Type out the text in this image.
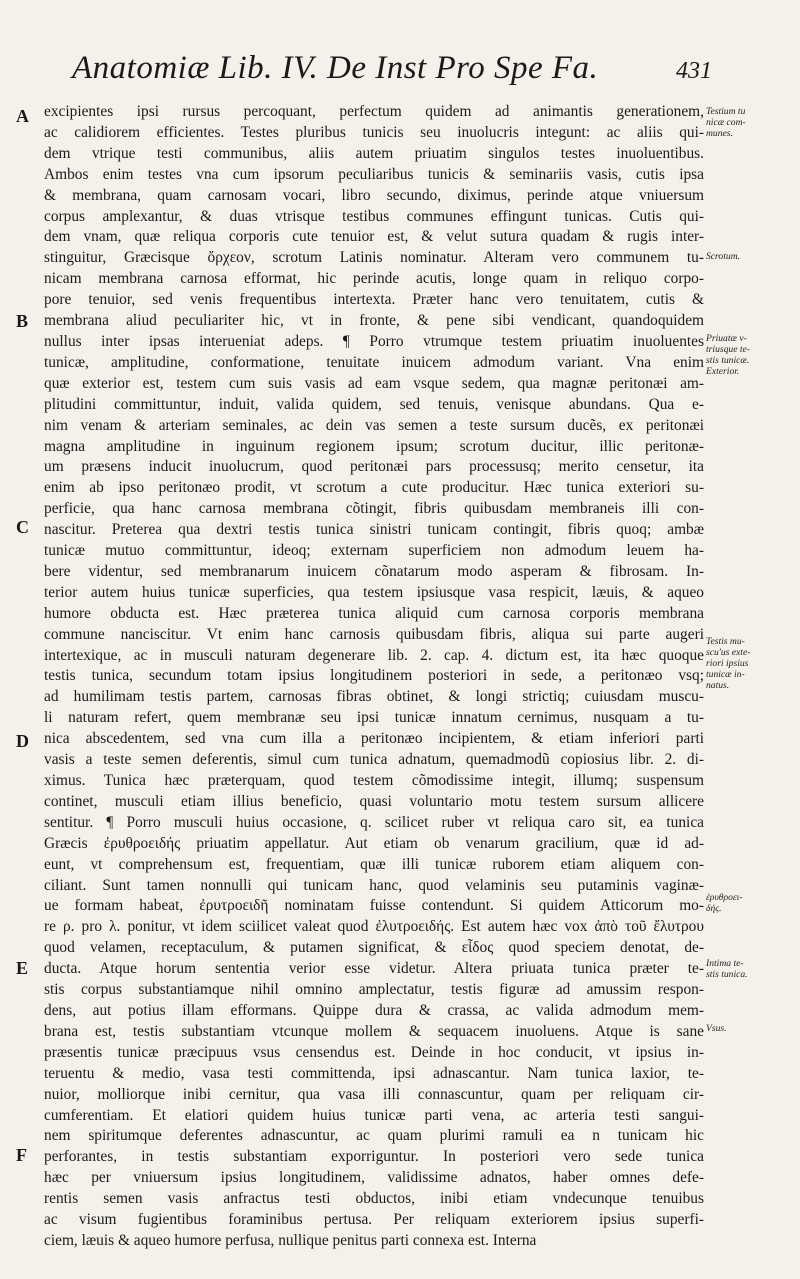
Anatomiæ Lib. IV. De Inst Pro Spe Fa.	431
A
B
C
D
E
F
excipientes ipsi rursus percoquant, perfectum quidem ad animantis generationem,
ac calidiorem efficientes. Testes pluribus tunicis seu inuolucris integunt: ac aliis qui-
dem vtrique testi communibus, aliis autem priuatim singulos testes inuoluentibus.
Ambos enim testes vna cum ipsorum peculiaribus tunicis & seminariis vasis, cutis ipsa
& membrana, quam carnosam vocari, libro secundo, diximus, perinde atque vniuersum
corpus amplexantur, & duas vtrisque testibus communes effingunt tunicas. Cutis qui-
dem vnam, quæ reliqua corporis cute tenuior est, & velut sutura quadam & rugis inter-
stinguitur, Græcisque ὄρχεον, scrotum Latinis nominatur. Alteram vero communem tu-
nicam membrana carnosa efformat, hic perinde acutis, longe quam in reliquo corpo-
pore tenuior, sed venis frequentibus intertexta. Præter hanc vero tenuitatem, cutis &
membrana aliud peculiariter hic, vt in fronte, & pene sibi vendicant, quandoquidem
nullus inter ipsas interueniat adeps. ¶ Porro vtrumque testem priuatim inuoluentes
tunicæ, amplitudine, conformatione, tenuitate inuicem admodum variant. Vna enim
quæ exterior est, testem cum suis vasis ad eam vsque sedem, qua magnæ peritonæi am-
plitudini committuntur, induit, valida quidem, sed tenuis, venisque abundans. Qua e-
nim venam & arteriam seminales, ac dein vas semen a teste sursum ducẽs, ex peritonæi
magna amplitudine in inguinum regionem ipsum; scrotum ducitur, illic peritonæ-
um præsens inducit inuolucrum, quod peritonæi pars processusq; merito censetur, ita
enim ab ipso peritonæo prodit, vt scrotum a cute producitur. Hæc tunica exteriori su-
perficie, qua hanc carnosa membrana cõtingit, fibris quibusdam membraneis illi con-
nascitur. Preterea qua dextri testis tunica sinistri tunicam contingit, fibris quoq; ambæ
tunicæ mutuo committuntur, ideoq; externam superficiem non admodum leuem ha-
bere videntur, sed membranarum inuicem cõnatarum modo asperam & fibrosam. In-
terior autem huius tunicæ superficies, qua testem ipsiusque vasa respicit, læuis, & aqueo
humore obducta est. Hæc præterea tunica aliquid cum carnosa corporis membrana
commune nanciscitur. Vt enim hanc carnosis quibusdam fibris, aliqua sui parte augeri
intertexique, ac in musculi naturam degenerare lib. 2. cap. 4. dictum est, ita hæc quoque
testis tunica, secundum totam ipsius longitudinem posteriori in sede, a peritonæo vsq;
ad humilimam testis partem, carnosas fibras obtinet, & longi strictiq; cuiusdam muscu-
li naturam refert, quem membranæ seu ipsi tunicæ innatum cernimus, nusquam a tu-
nica abscedentem, sed vna cum illa a peritonæo incipientem, & etiam inferiori parti
vasis a teste semen deferentis, simul cum tunica adnatum, quemadmodũ copiosius libr. 2. di-
ximus. Tunica hæc præterquam, quod testem cõmodissime integit, illumq; suspensum
continet, musculi etiam illius beneficio, quasi voluntario motu testem sursum allicere
sentitur. ¶ Porro musculi huius occasione, q. scilicet ruber vt reliqua caro sit, ea tunica
Græcis ἐρυθροειδής priuatim appellatur. Aut etiam ob venarum gracilium, quæ id ad-
eunt, vt comprehensum est, frequentiam, quæ illi tunicæ ruborem etiam aliquem con-
ciliant. Sunt tamen nonnulli qui tunicam hanc, quod velaminis seu putaminis vaginæ-
ue formam habeat, ἐρυτροειδῆ nominatam fuisse contendunt. Si quidem Atticorum mo-
re ρ. pro λ. ponitur, vt idem sciilicet valeat quod ἐλυτροειδής. Est autem hæc vox ἀπὸ τοῦ ἔλυτρου
quod velamen, receptaculum, & putamen significat, & εἶδος quod speciem denotat, de-
ducta. Atque horum sententia verior esse videtur. Altera priuata tunica præter te-
stis corpus substantiamque nihil omnino amplectatur, testis figuræ ad amussim respon-
dens, aut potius illam efformans. Quippe dura & crassa, ac valida admodum mem-
brana est, testis substantiam vtcunque mollem & sequacem inuoluens. Atque is sane
præsentis tunicæ præcipuus vsus censendus est. Deinde in hoc conducit, vt ipsius in-
teruentu & medio, vasa testi committenda, ipsi adnascantur. Nam tunica laxior, te-
nuior, molliorque inibi cernitur, qua vasa illi connascuntur, quam per reliquam cir-
cumferentiam. Et elatiori quidem huius tunicæ parti vena, ac arteria testi sangui-
nem spiritumque deferentes adnascuntur, ac quam plurimi ramuli ea n tunicam hic
perforantes, in testis substantiam exporriguntur. In posteriori vero sede tunica
hæc per vniuersum ipsius longitudinem, validissime adnatos, haber omnes defe-
rentis semen vasis anfractus testi obductos, inibi etiam vndecunque tenuibus
ac visum fugientibus foraminibus pertusa. Per reliquam exteriorem ipsius superfi-
ciem, læuis & aqueo humore perfusa, nullique penitus parti connexa est. Interna
Testium tu
nicæ com-
munes.
Scrotum.
Priuatæ v-
triusque te-
stis tunicæ.
Exterior.
Testis mu-
scu'us exte-
riori ipsius
tunicæ in-
natus.
ἐρυθροει-
δής.
Intima te-
stis tunica.
Vsus.
